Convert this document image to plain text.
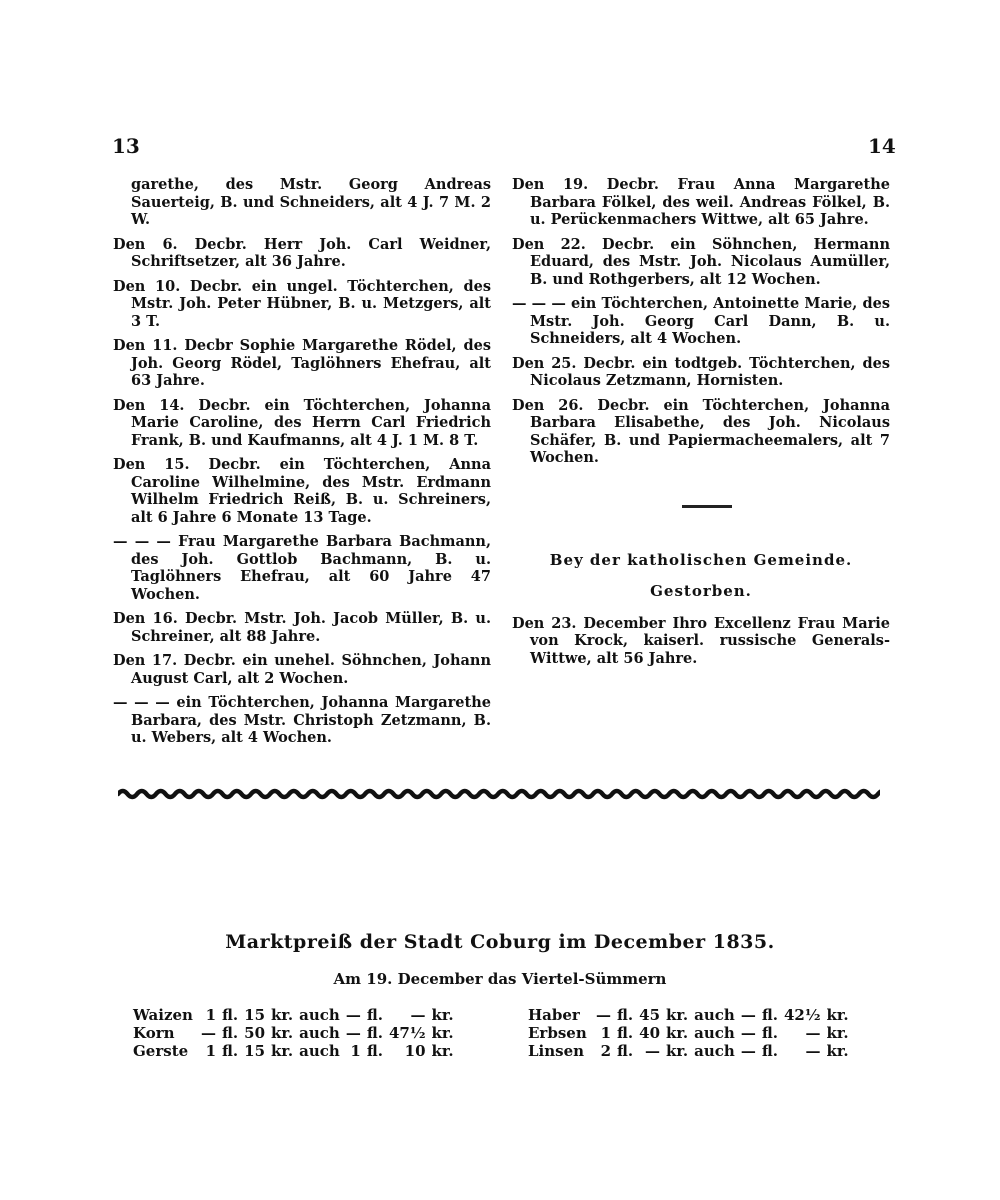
13	14

garethe, des Mstr. Georg Andreas Sauerteig, B. und Schneiders, alt 4 J. 7 M. 2 W.

Den 6. Decbr. Herr Joh. Carl Weidner, Schriftsetzer, alt 36 Jahre.

Den 10. Decbr. ein ungel. Töchterchen, des Mstr. Joh. Peter Hübner, B. u. Metzgers, alt 3 T.

Den 11. Decbr Sophie Margarethe Rödel, des Joh. Georg Rödel, Taglöhners Ehefrau, alt 63 Jahre.

Den 14. Decbr. ein Töchterchen, Johanna Marie Caroline, des Herrn Carl Friedrich Frank, B. und Kaufmanns, alt 4 J. 1 M. 8 T.

Den 15. Decbr. ein Töchterchen, Anna Caroline Wilhelmine, des Mstr. Erdmann Wilhelm Friedrich Reiß, B. u. Schreiners, alt 6 Jahre 6 Monate 13 Tage.

— — — Frau Margarethe Barbara Bachmann, des Joh. Gottlob Bachmann, B. u. Taglöhners Ehefrau, alt 60 Jahre 47 Wochen.

Den 16. Decbr. Mstr. Joh. Jacob Müller, B. u. Schreiner, alt 88 Jahre.

Den 17. Decbr. ein unehel. Söhnchen, Johann August Carl, alt 2 Wochen.

— — — ein Töchterchen, Johanna Margarethe Barbara, des Mstr. Christoph Zetzmann, B. u. Webers, alt 4 Wochen.

Den 19. Decbr. Frau Anna Margarethe Barbara Fölkel, des weil. Andreas Fölkel, B. u. Perückenmachers Wittwe, alt 65 Jahre.

Den 22. Decbr. ein Söhnchen, Hermann Eduard, des Mstr. Joh. Nicolaus Aumüller, B. und Rothgerbers, alt 12 Wochen.

— — — ein Töchterchen, Antoinette Marie, des Mstr. Joh. Georg Carl Dann, B. u. Schneiders, alt 4 Wochen.

Den 25. Decbr. ein todtgeb. Töchterchen, des Nicolaus Zetzmann, Hornisten.

Den 26. Decbr. ein Töchterchen, Johanna Barbara Elisabethe, des Joh. Nicolaus Schäfer, B. und Papiermacheemalers, alt 7 Wochen.

Bey der katholischen Gemeinde.
Gestorben.

Den 23. December Ihro Excellenz Frau Marie von Krock, kaiserl. russische Generals-Wittwe, alt 56 Jahre.

Marktpreiß der Stadt Coburg im December 1835.
Am 19. December das Viertel-Sümmern
Waizen	1	fl.	15	kr.	auch	—	fl.	—	kr.
Korn	—	fl.	50	kr.	auch	—	fl.	47½	kr.
Gerste	1	fl.	15	kr.	auch	1	fl.	10	kr.
Haber	—	fl.	45	kr.	auch	—	fl.	42½	kr.
Erbsen	1	fl.	40	kr.	auch	—	fl.	—	kr.
Linsen	2	fl.	—	kr.	auch	—	fl.	—	kr.
